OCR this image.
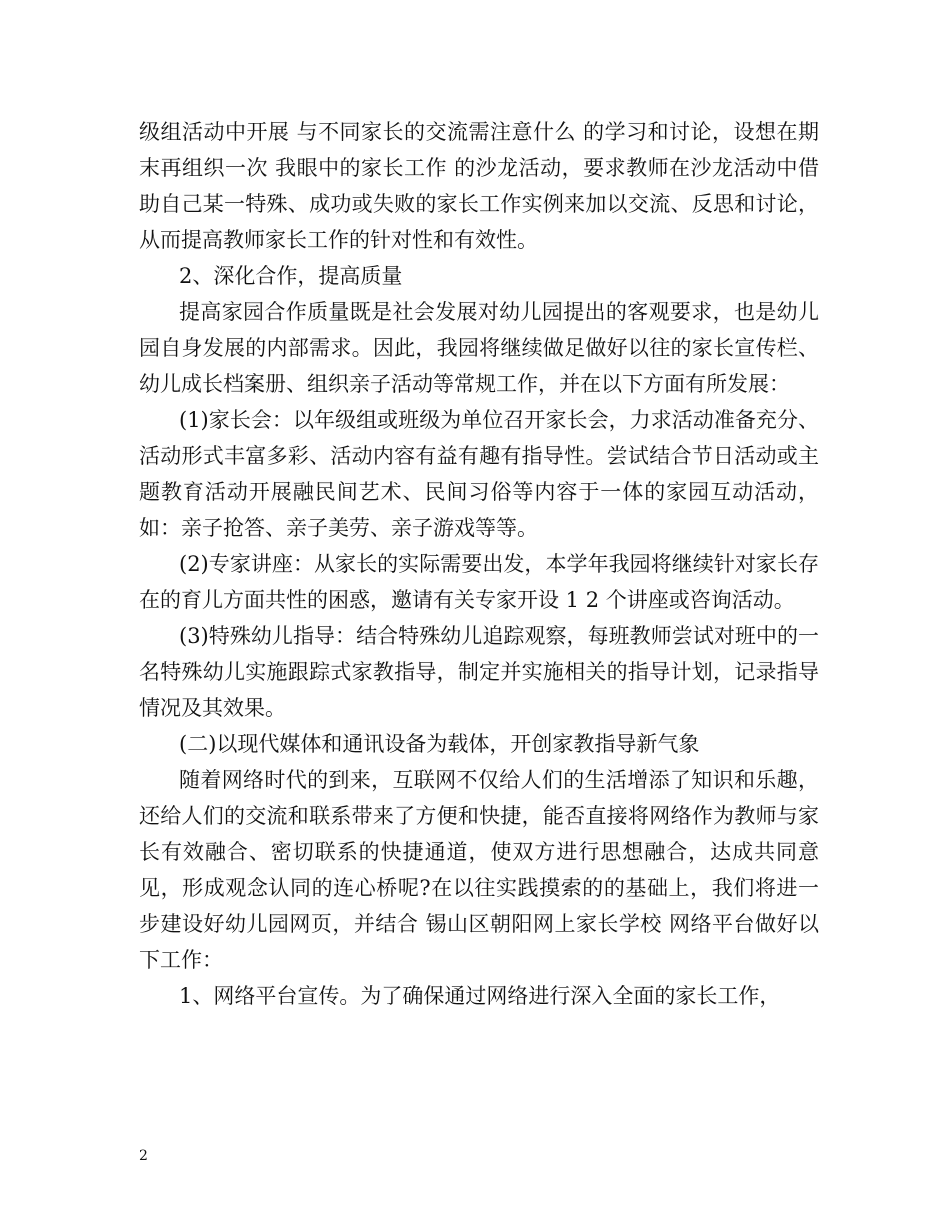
级组活动中开展 与不同家长的交流需注意什么 的学习和讨论，设想在期末再组织一次 我眼中的家长工作 的沙龙活动，要求教师在沙龙活动中借助自己某一特殊、成功或失败的家长工作实例来加以交流、反思和讨论，从而提高教师家长工作的针对性和有效性。

2、深化合作，提高质量

提高家园合作质量既是社会发展对幼儿园提出的客观要求，也是幼儿园自身发展的内部需求。因此，我园将继续做足做好以往的家长宣传栏、幼儿成长档案册、组织亲子活动等常规工作，并在以下方面有所发展：

(1)家长会：以年级组或班级为单位召开家长会，力求活动准备充分、活动形式丰富多彩、活动内容有益有趣有指导性。尝试结合节日活动或主题教育活动开展融民间艺术、民间习俗等内容于一体的家园互动活动，如：亲子抢答、亲子美劳、亲子游戏等等。

(2)专家讲座：从家长的实际需要出发，本学年我园将继续针对家长存在的育儿方面共性的困惑，邀请有关专家开设 1 2 个讲座或咨询活动。

(3)特殊幼儿指导：结合特殊幼儿追踪观察，每班教师尝试对班中的一名特殊幼儿实施跟踪式家教指导，制定并实施相关的指导计划，记录指导情况及其效果。

(二)以现代媒体和通讯设备为载体，开创家教指导新气象

随着网络时代的到来，互联网不仅给人们的生活增添了知识和乐趣，还给人们的交流和联系带来了方便和快捷，能否直接将网络作为教师与家长有效融合、密切联系的快捷通道，使双方进行思想融合，达成共同意见，形成观念认同的连心桥呢?在以往实践摸索的的基础上，我们将进一步建设好幼儿园网页，并结合 锡山区朝阳网上家长学校 网络平台做好以下工作：

1、网络平台宣传。为了确保通过网络进行深入全面的家长工作，

2
